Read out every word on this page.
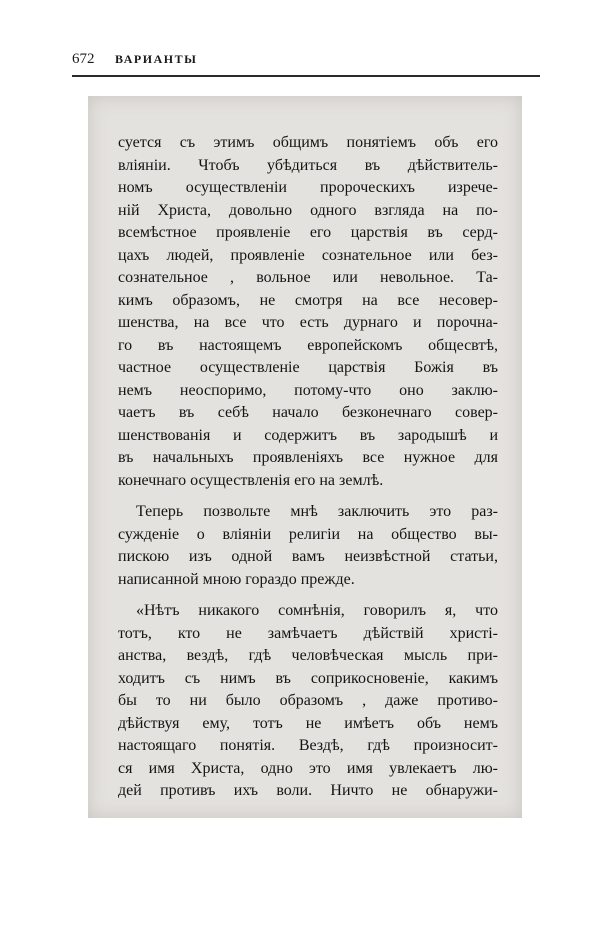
672 ВАРИАНТЫ
суется съ этимъ общимъ понятіемъ объ его
вліяніи. Чтобъ убѣдиться въ дѣйствитель-
номъ осуществленіи пророческихъ изрече-
ній Христа, довольно одного взгляда на по-
всемѣстное проявленіе его царствія въ серд-
цахъ людей, проявленіе сознательное или без-
сознательное , вольное или невольное. Та-
кимъ образомъ, не смотря на все несовер-
шенства, на все что есть дурнаго и порочна-
го въ настоящемъ европейскомъ общесвтѣ,
частное осуществленіе царствія Божія въ
немъ неоспоримо, потому-что оно заклю-
чаетъ въ себѣ начало безконечнаго совер-
шенствованія и содержитъ въ зародышѣ и
въ начальныхъ проявленіяхъ все нужное для
конечнаго осуществленія его на землѣ.
Теперь позвольте мнѣ заключить это раз-
сужденіе о вліяніи религіи на общество вы-
пискою изъ одной вамъ неизвѣстной статьи,
написанной мною гораздо прежде.
«Нѣтъ никакого сомнѣнія, говорилъ я, что
тотъ, кто не замѣчаетъ дѣйствій христі-
анства, вездѣ, гдѣ человѣческая мысль при-
ходитъ съ нимъ въ соприкосновеніе, какимъ
бы то ни было образомъ , даже противо-
дѣйствуя ему, тотъ не имѣетъ объ немъ
настоящаго понятія. Вездѣ, гдѣ произносит-
ся имя Христа, одно это имя увлекаетъ лю-
дей противъ ихъ воли. Ничто не обнаружи-
